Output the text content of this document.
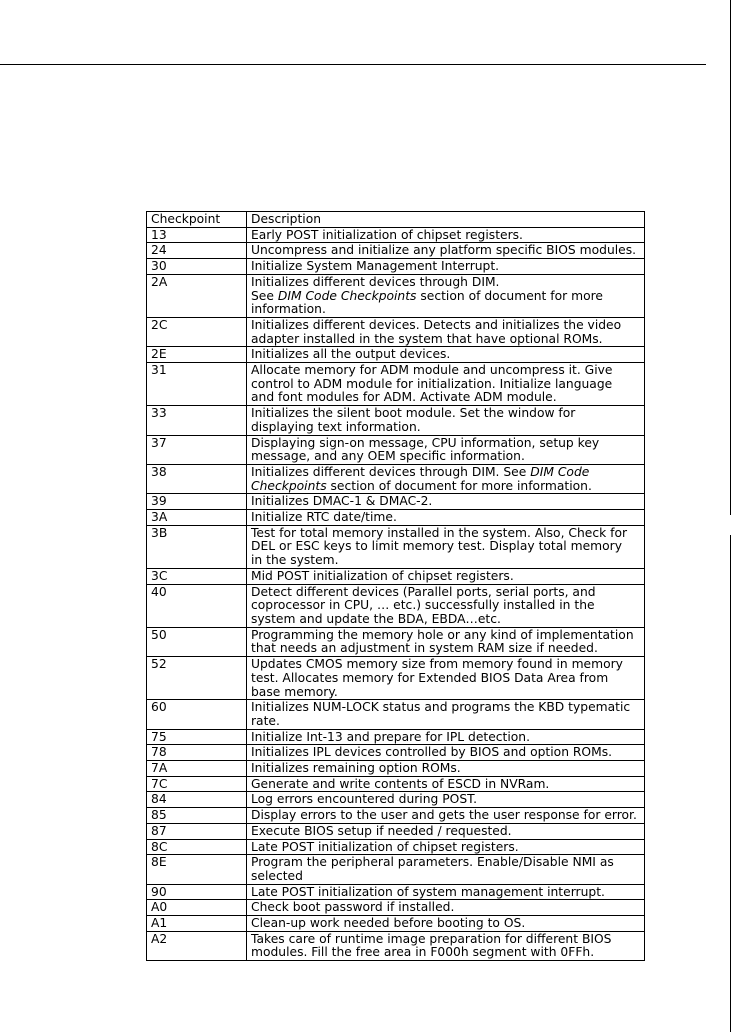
Checkpoint	Description
13	Early POST initialization of chipset registers.
24	Uncompress and initialize any platform specific BIOS modules.
30	Initialize System Management Interrupt.
2A	Initializes different devices through DIM.
See DIM Code Checkpoints section of document for more
information.
2C	Initializes different devices. Detects and initializes the video
adapter installed in the system that have optional ROMs.
2E	Initializes all the output devices.
31	Allocate memory for ADM module and uncompress it. Give
control to ADM module for initialization. Initialize language
and font modules for ADM. Activate ADM module.
33	Initializes the silent boot module. Set the window for
displaying text information.
37	Displaying sign-on message, CPU information, setup key
message, and any OEM specific information.
38	Initializes different devices through DIM. See DIM Code
Checkpoints section of document for more information.
39	Initializes DMAC-1 & DMAC-2.
3A	Initialize RTC date/time.
3B	Test for total memory installed in the system. Also, Check for
DEL or ESC keys to limit memory test. Display total memory
in the system.
3C	Mid POST initialization of chipset registers.
40	Detect different devices (Parallel ports, serial ports, and
coprocessor in CPU, … etc.) successfully installed in the
system and update the BDA, EBDA…etc.
50	Programming the memory hole or any kind of implementation
that needs an adjustment in system RAM size if needed.
52	Updates CMOS memory size from memory found in memory
test. Allocates memory for Extended BIOS Data Area from
base memory.
60	Initializes NUM-LOCK status and programs the KBD typematic
rate.
75	Initialize Int-13 and prepare for IPL detection.
78	Initializes IPL devices controlled by BIOS and option ROMs.
7A	Initializes remaining option ROMs.
7C	Generate and write contents of ESCD in NVRam.
84	Log errors encountered during POST.
85	Display errors to the user and gets the user response for error.
87	Execute BIOS setup if needed / requested.
8C	Late POST initialization of chipset registers.
8E	Program the peripheral parameters. Enable/Disable NMI as
selected
90	Late POST initialization of system management interrupt.
A0	Check boot password if installed.
A1	Clean-up work needed before booting to OS.
A2	Takes care of runtime image preparation for different BIOS
modules. Fill the free area in F000h segment with 0FFh.
